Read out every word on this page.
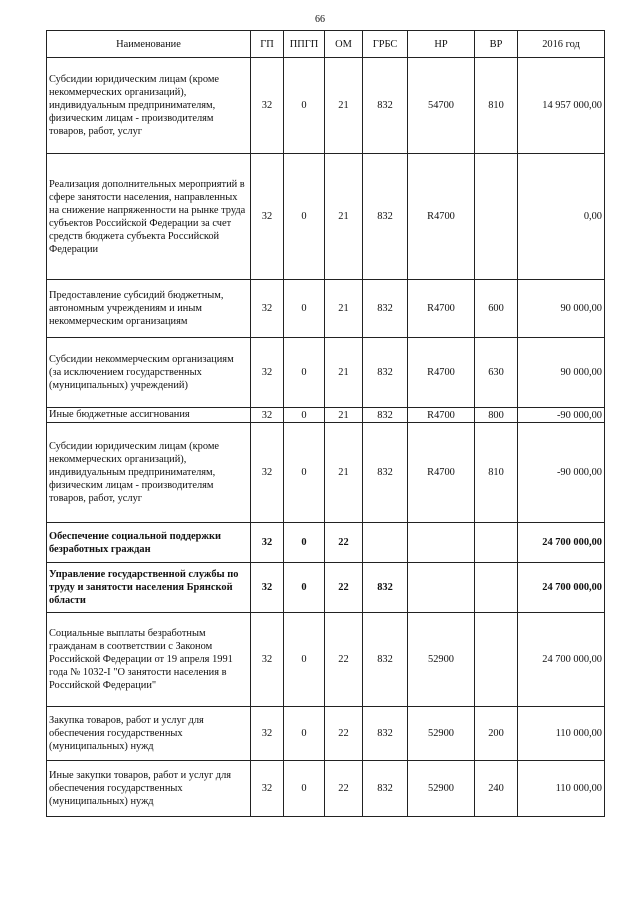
66
Наименование	ГП	ППГП	ОМ	ГРБС	НР	ВР	2016 год
Субсидии юридическим лицам (кроме некоммерческих организаций), индивидуальным предпринимателям, физическим лицам - производителям товаров, работ, услуг	32	0	21	832	54700	810	14 957 000,00
Реализация дополнительных мероприятий в сфере занятости населения, направленных на снижение напряженности на рынке труда субъектов Российской Федерации за счет средств бюджета субъекта Российской Федерации	32	0	21	832	R4700		0,00
Предоставление субсидий бюджетным, автономным учреждениям и иным некоммерческим организациям	32	0	21	832	R4700	600	90 000,00
Субсидии некоммерческим организациям (за исключением государственных (муниципальных) учреждений)	32	0	21	832	R4700	630	90 000,00
Иные бюджетные ассигнования	32	0	21	832	R4700	800	-90 000,00
Субсидии юридическим лицам (кроме некоммерческих организаций), индивидуальным предпринимателям, физическим лицам - производителям товаров, работ, услуг	32	0	21	832	R4700	810	-90 000,00
Обеспечение социальной поддержки безработных граждан	32	0	22				24 700 000,00
Управление государственной службы по труду и занятости населения Брянской области	32	0	22	832			24 700 000,00
Социальные выплаты безработным гражданам в соответствии с Законом Российской Федерации от 19 апреля 1991 года № 1032-I "О занятости населения в Российской Федерации"	32	0	22	832	52900		24 700 000,00
Закупка товаров, работ и услуг для обеспечения государственных (муниципальных) нужд	32	0	22	832	52900	200	110 000,00
Иные закупки товаров, работ и услуг для обеспечения государственных (муниципальных) нужд	32	0	22	832	52900	240	110 000,00
